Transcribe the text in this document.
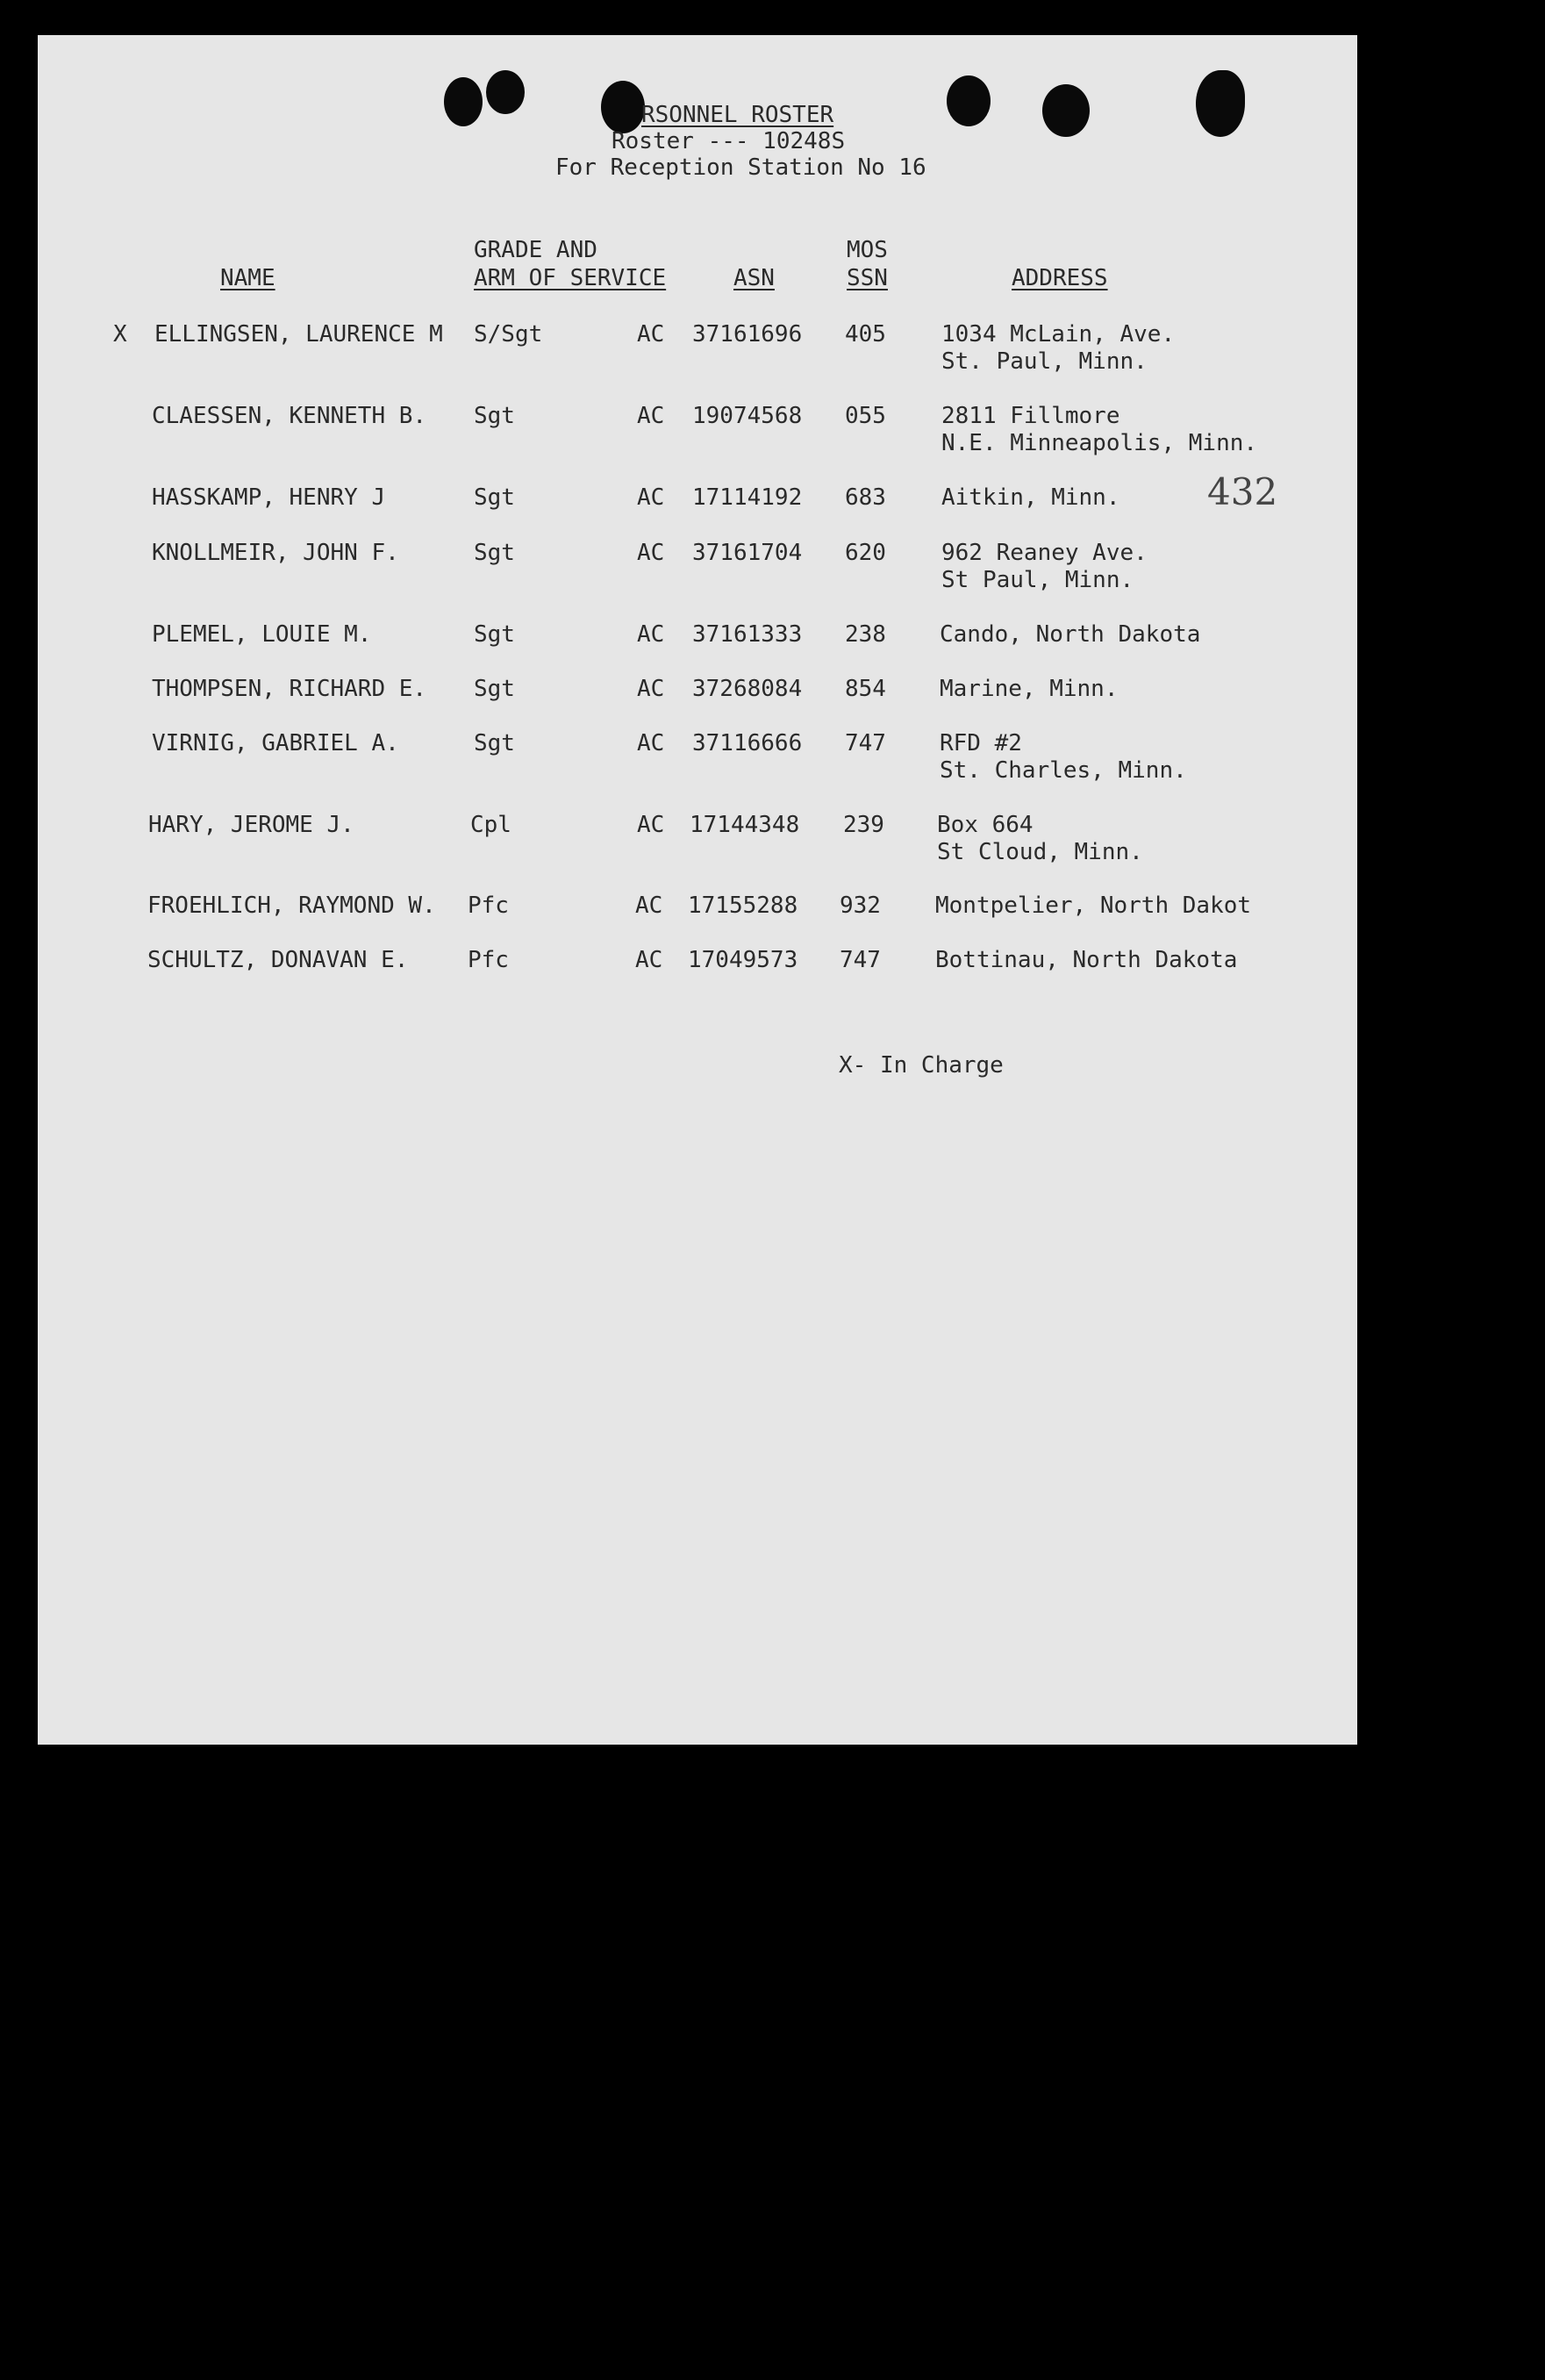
RSONNEL ROSTER
Roster --- 10248S
For Reception Station No 16
NAME
GRADE AND
ARM OF SERVICE	ASN
MOS
SSN	ADDRESS
X ELLINGSEN, LAURENCE M S/Sgt	AC 37161696 405 1034 McLain, Ave.
St. Paul, Minn.
CLAESSEN, KENNETH B. Sgt	AC 19074568 055 2811 Fillmore
N.E. Minneapolis, Minn.
HASSKAMP, HENRY J	Sgt	AC 17114192 683 Aitkin, Minn. 432
KNOLLMEIR, JOHN F.	Sgt	AC 37161704 620 962 Reaney Ave.
St Paul, Minn.
PLEMEL, LOUIE M.	Sgt	AC 37161333 238 Cando, North Dakota
THOMPSEN, RICHARD E. Sgt	AC 37268084 854 Marine, Minn.
VIRNIG, GABRIEL A.	Sgt	AC 37116666 747 RFD #2
St. Charles, Minn.
HARY, JEROME J.	Cpl	AC 17144348 239 Box 664
St Cloud, Minn.
FROEHLICH, RAYMOND W. Pfc	AC 17155288 932 Montpelier, North Dakot
SCHULTZ, DONAVAN E.	Pfc	AC 17049573 747 Bottinau, North Dakota
X- In Charge
